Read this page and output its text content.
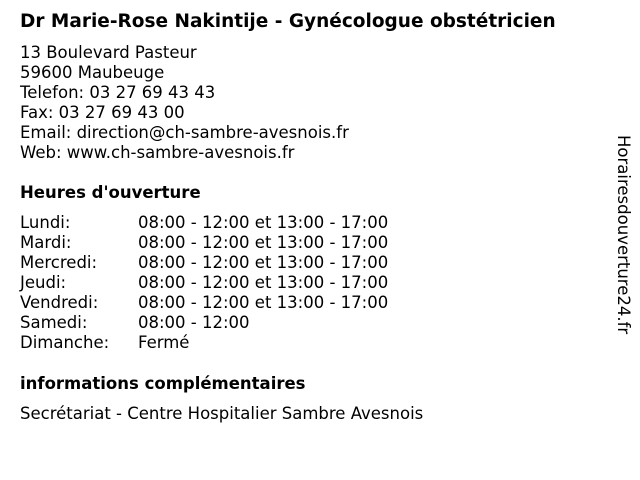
Dr Marie-Rose Nakintije - Gynécologue obstétricien
13 Boulevard Pasteur
59600 Maubeuge
Telefon: 03 27 69 43 43
Fax: 03 27 69 43 00
Email: direction@ch-sambre-avesnois.fr
Web: www.ch-sambre-avesnois.fr
Heures d'ouverture
Lundi:	08:00 - 12:00 et 13:00 - 17:00
Mardi:	08:00 - 12:00 et 13:00 - 17:00
Mercredi:	08:00 - 12:00 et 13:00 - 17:00
Jeudi:	08:00 - 12:00 et 13:00 - 17:00
Vendredi:	08:00 - 12:00 et 13:00 - 17:00
Samedi:	08:00 - 12:00
Dimanche:	Fermé
informations complémentaires
Secrétariat - Centre Hospitalier Sambre Avesnois
Horairesdouverture24.fr
